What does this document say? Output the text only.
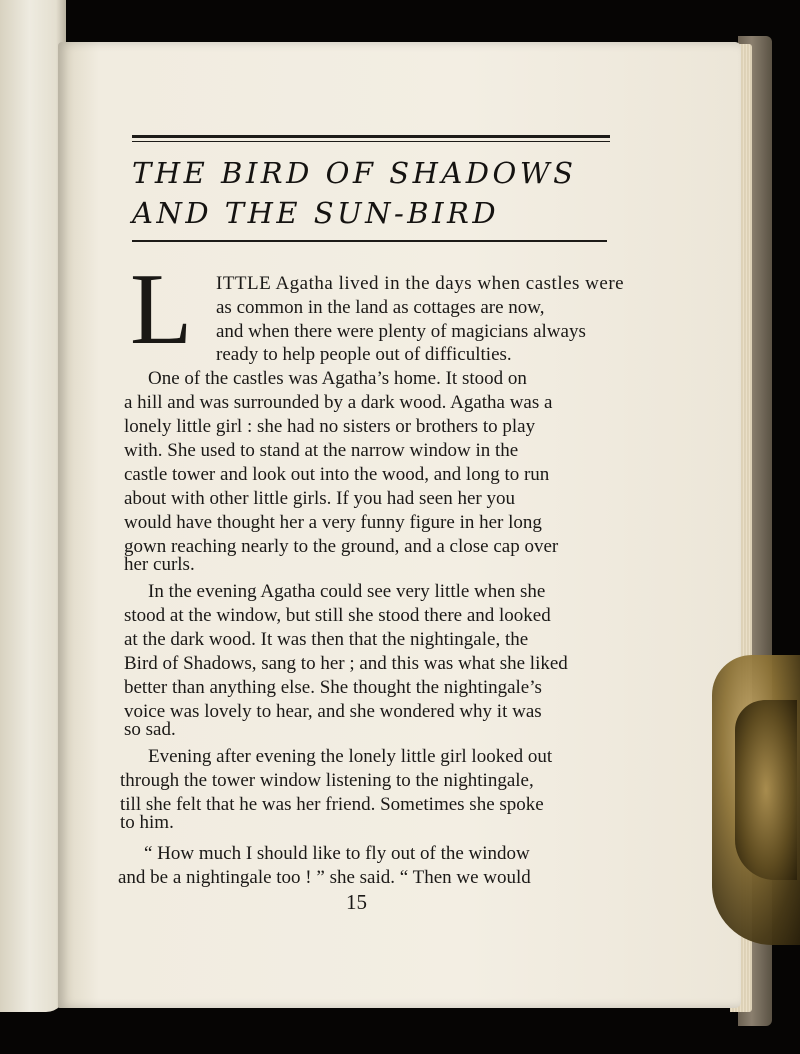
THE BIRD OF SHADOWS
AND THE SUN-BIRD
L ITTLE Agatha lived in the days when castles were
as common in the land as cottages are now,
and when there were plenty of magicians always
ready to help people out of difficulties.
One of the castles was Agatha’s home. It stood on
a hill and was surrounded by a dark wood. Agatha was a
lonely little girl : she had no sisters or brothers to play
with. She used to stand at the narrow window in the
castle tower and look out into the wood, and long to run
about with other little girls. If you had seen her you
would have thought her a very funny figure in her long
gown reaching nearly to the ground, and a close cap over
her curls.
In the evening Agatha could see very little when she
stood at the window, but still she stood there and looked
at the dark wood. It was then that the nightingale, the
Bird of Shadows, sang to her ; and this was what she liked
better than anything else. She thought the nightingale’s
voice was lovely to hear, and she wondered why it was
so sad.
Evening after evening the lonely little girl looked out
through the tower window listening to the nightingale,
till she felt that he was her friend. Sometimes she spoke
to him.
“ How much I should like to fly out of the window
and be a nightingale too ! ” she said. “ Then we would
15
